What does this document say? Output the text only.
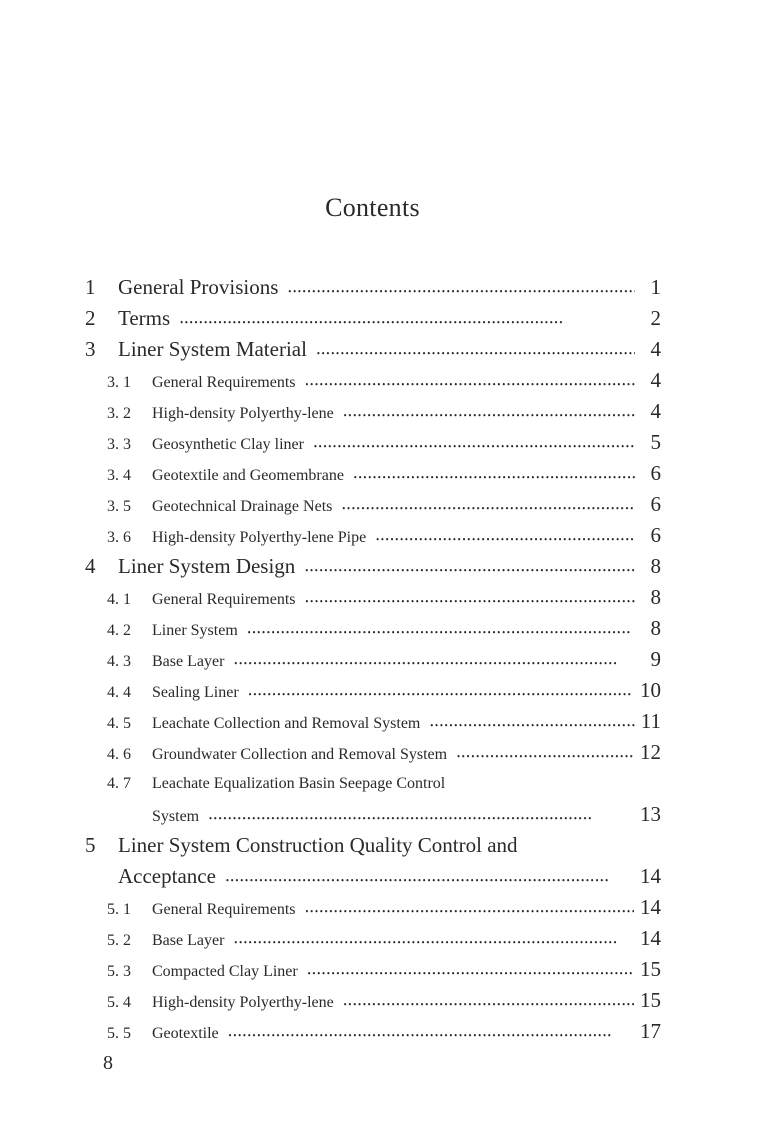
Contents
1	General Provisions •••••	1
2	Terms •••••	2
3	Liner System Material •••••	4
3. 1	General Requirements •••••	4
3. 2	High-density Polyerthy-lene •••••	4
3. 3	Geosynthetic Clay liner •••••	5
3. 4	Geotextile and Geomembrane •••••	6
3. 5	Geotechnical Drainage Nets •••••	6
3. 6	High-density Polyerthy-lene Pipe •••••	6
4	Liner System Design •••••	8
4. 1	General Requirements •••••	8
4. 2	Liner System •••••	8
4. 3	Base Layer •••••	9
4. 4	Sealing Liner •••••	10
4. 5	Leachate Collection and Removal System •••••	11
4. 6	Groundwater Collection and Removal System •••••	12
4. 7	Leachate Equalization Basin Seepage Control
System •••••	13
5	Liner System Construction Quality Control and
Acceptance •••••	14
5. 1	General Requirements •••••	14
5. 2	Base Layer •••••	14
5. 3	Compacted Clay Liner •••••	15
5. 4	High-density Polyerthy-lene •••••	15
5. 5	Geotextile •••••	17
8
